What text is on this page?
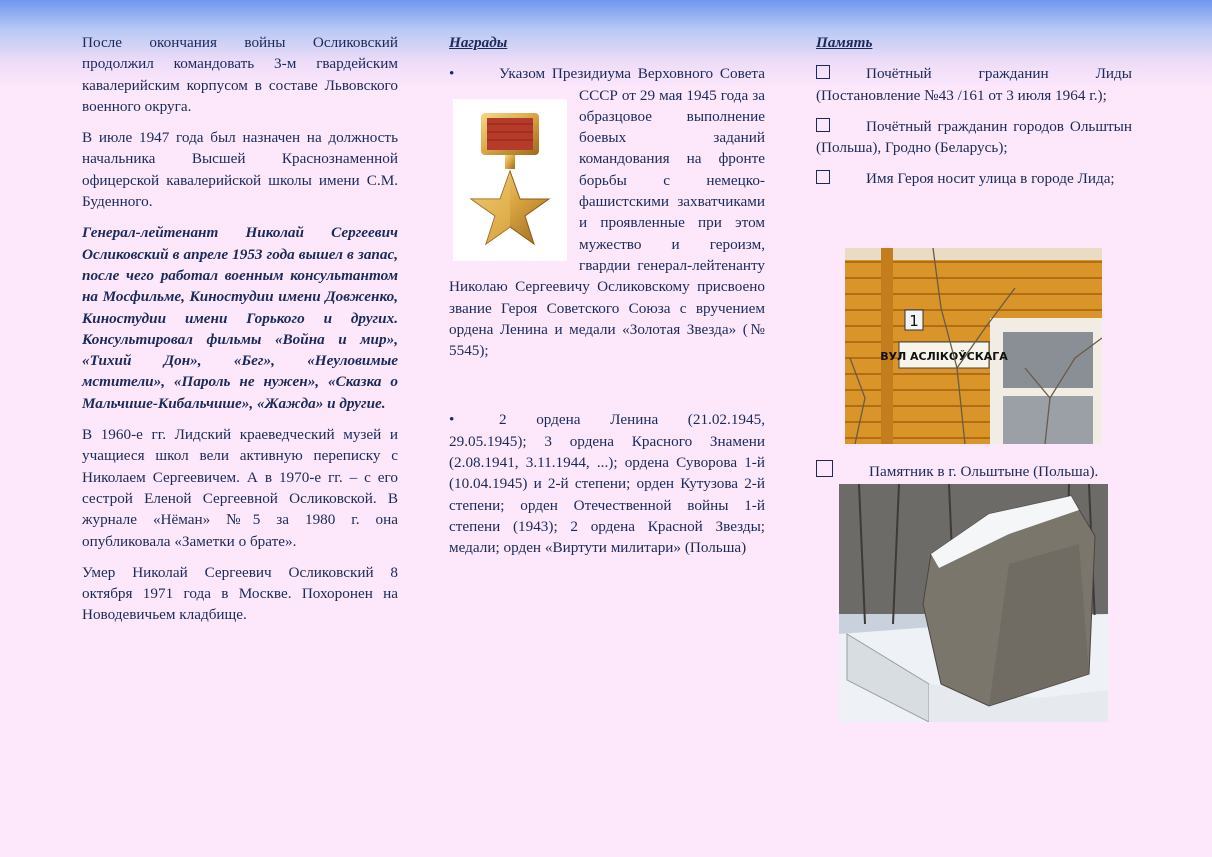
После окончания войны Осликовский продолжил командовать 3-м гвардейским кавалерийским корпусом в составе Львовского военного округа.

В июле 1947 года был назначен на должность начальника Высшей Краснознаменной офицерской кавалерийской школы имени С.М. Буденного.

Генерал-лейтенант Николай Сергеевич Осликовский в апреле 1953 года вышел в запас, после чего работал военным консультантом на Мосфильме, Киностудии имени Довженко, Киностудии имени Горького и других. Консультировал фильмы «Война и мир», «Тихий Дон», «Бег», «Неуловимые мстители», «Пароль не нужен», «Сказка о Мальчише-Кибальчише», «Жажда» и другие.

В 1960-е гг. Лидский краеведческий музей и учащиеся школ вели активную переписку с Николаем Сергеевичем. А в 1970-е гг. – с его сестрой Еленой Сергеевной Осликовской. В журнале «Нёман» №5 за 1980 г. она опубликовала «Заметки о брате».

Умер Николай Сергеевич Осликовский 8 октября 1971 года в Москве. Похоронен на Новодевичьем кладбище.

Награды

•	Указом Президиума Верховного Совета СССР от 29 мая 1945 года за
образцовое выполнение боевых заданий командования на фронте борьбы с немецко-фашистскими захватчиками и проявленные при этом мужество и героизм, гвардии генерал-лейтенанту Николаю Сергеевичу Осликовскому присвоено звание Героя Советского Союза с вручением ордена Ленина и медали «Золотая Звезда» (№ 5545);

•	2 ордена Ленина (21.02.1945, 29.05.1945); 3 ордена Красного Знамени (2.08.1941, 3.11.1944, ...); ордена Суворова 1-й (10.04.1945) и 2-й степени; орден Кутузова 2-й степени; орден Отечественной войны 1-й степени (1943); 2 ордена Красной Звезды; медали; орден «Виртути милитари» (Польша)

Память

Почётный гражданин Лиды (Постановление №43 /161 от 3 июля 1964 г.);

Почётный гражданин городов Ольштын (Польша), Гродно (Беларусь);

Имя Героя носит улица в городе Лида;

1
ВУЛ АСЛІКОЎСКАГА
Памятник в г. Ольштыне (Польша).
